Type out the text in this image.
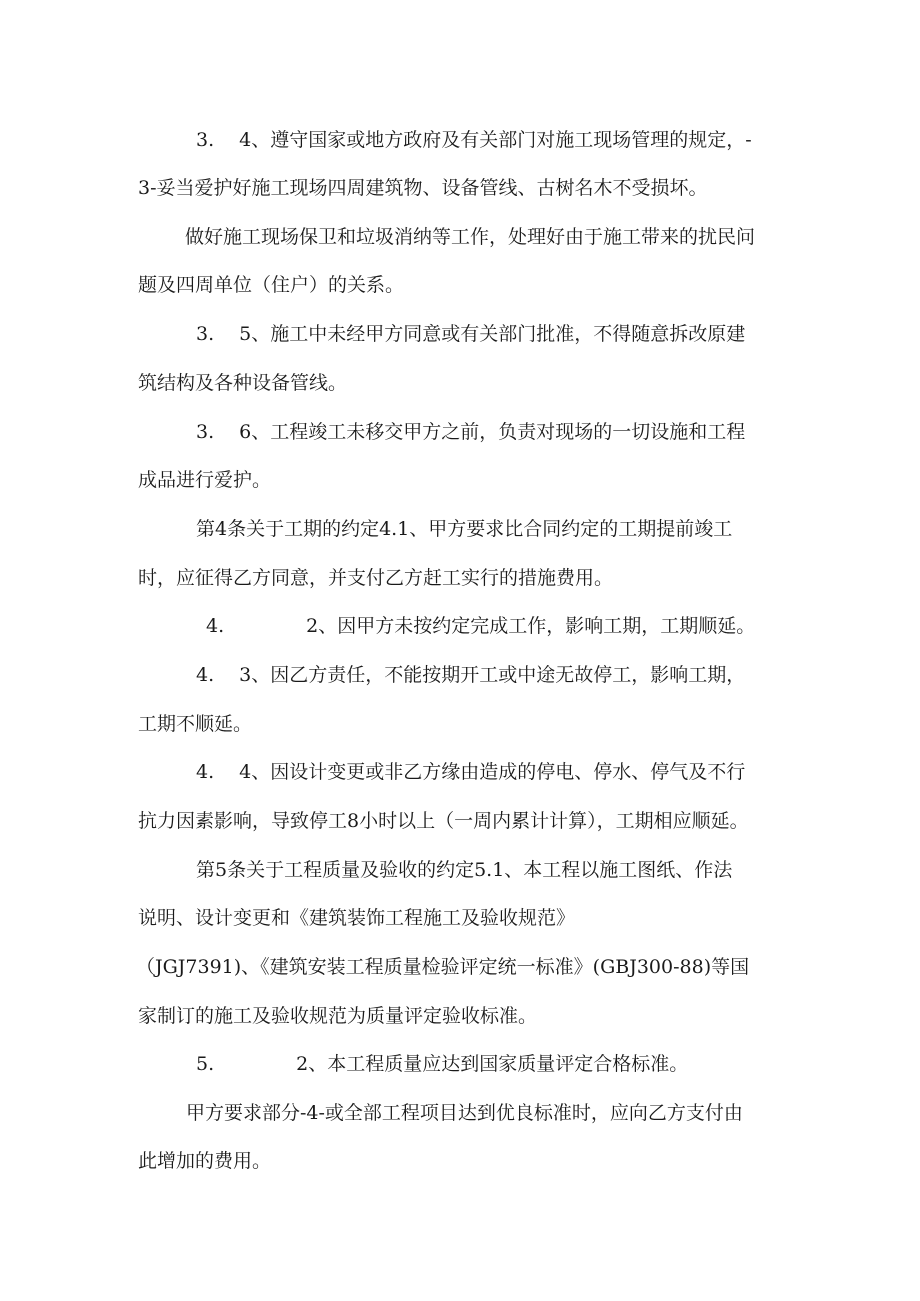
3.　 4、遵守国家或地方政府及有关部门对施工现场管理的规定，-
3-妥当爱护好施工现场四周建筑物、设备管线、古树名木不受损坏。
做好施工现场保卫和垃圾消纳等工作，处理好由于施工带来的扰民问
题及四周单位（住户）的关系。
3.　 5、施工中未经甲方同意或有关部门批准，不得随意拆改原建
筑结构及各种设备管线。
3.　 6、工程竣工未移交甲方之前，负责对现场的一切设施和工程
成品进行爱护。
第4条关于工期的约定4.1、甲方要求比合同约定的工期提前竣工
时，应征得乙方同意，并支付乙方赶工实行的措施费用。
4.　　　　 2、因甲方未按约定完成工作，影响工期，工期顺延。
4.　 3、因乙方责任，不能按期开工或中途无故停工，影响工期，
工期不顺延。
4.　 4、因设计变更或非乙方缘由造成的停电、停水、停气及不行
抗力因素影响，导致停工8小时以上（一周内累计计算），工期相应顺延。
第5条关于工程质量及验收的约定5.1、本工程以施工图纸、作法
说明、设计变更和《建筑装饰工程施工及验收规范》
（JGJ7391)、《建筑安装工程质量检验评定统一标准》(GBJ300-88)等国
家制订的施工及验收规范为质量评定验收标准。
5.　　　　 2、本工程质量应达到国家质量评定合格标准。
甲方要求部分-4-或全部工程项目达到优良标准时，应向乙方支付由
此增加的费用。
